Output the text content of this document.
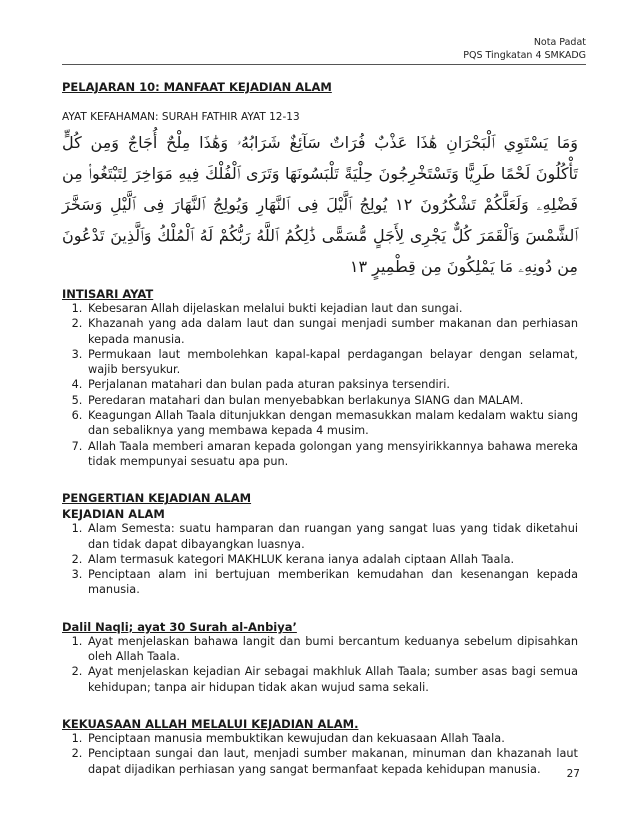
Nota Padat
PQS Tingkatan 4 SMKADG
PELAJARAN 10: MANFAAT KEJADIAN ALAM
AYAT KEFAHAMAN: SURAH FATHIR AYAT 12-13
وَمَا يَسْتَوِي ٱلْبَحْرَانِ هَٰذَا عَذْبٌ فُرَاتٌ سَآئِغٌ شَرَابُهُۥ وَهَٰذَا مِلْحٌ أُجَاجٌ وَمِن كُلٍّ تَأْكُلُونَ لَحْمًا طَرِيًّا وَتَسْتَخْرِجُونَ حِلْيَةً تَلْبَسُونَهَا وَتَرَى ٱلْفُلْكَ فِيهِ مَوَاخِرَ لِتَبْتَغُوا۟ مِن فَضْلِهِۦ وَلَعَلَّكُمْ تَشْكُرُونَ ١٢ يُولِجُ ٱلَّيْلَ فِى ٱلنَّهَارِ وَيُولِجُ ٱلنَّهَارَ فِى ٱلَّيْلِ وَسَخَّرَ ٱلشَّمْسَ وَٱلْقَمَرَ كُلٌّ يَجْرِى لِأَجَلٍ مُّسَمًّى ذَٰلِكُمُ ٱللَّهُ رَبُّكُمْ لَهُ ٱلْمُلْكُ وَٱلَّذِينَ تَدْعُونَ مِن دُونِهِۦ مَا يَمْلِكُونَ مِن قِطْمِيرٍ ١٣
INTISARI AYAT
1. Kebesaran Allah dijelaskan melalui bukti kejadian laut dan sungai.
2. Khazanah yang ada dalam laut dan sungai menjadi sumber makanan dan perhiasan kepada manusia.
3. Permukaan laut membolehkan kapal-kapal perdagangan belayar dengan selamat, wajib bersyukur.
4. Perjalanan matahari dan bulan pada aturan paksinya tersendiri.
5. Peredaran matahari dan bulan menyebabkan berlakunya SIANG dan MALAM.
6. Keagungan Allah Taala ditunjukkan dengan memasukkan malam kedalam waktu siang dan sebaliknya yang membawa kepada 4 musim.
7. Allah Taala memberi amaran kepada golongan yang mensyirikkannya bahawa mereka tidak mempunyai sesuatu apa pun.
PENGERTIAN KEJADIAN ALAM
KEJADIAN ALAM
1. Alam Semesta: suatu hamparan dan ruangan yang sangat luas yang tidak diketahui dan tidak dapat dibayangkan luasnya.
2. Alam termasuk kategori MAKHLUK kerana ianya adalah ciptaan Allah Taala.
3. Penciptaan alam ini bertujuan memberikan kemudahan dan kesenangan kepada manusia.
Dalil Naqli; ayat 30 Surah al-Anbiya’
1. Ayat menjelaskan bahawa langit dan bumi bercantum keduanya sebelum dipisahkan oleh Allah Taala.
2. Ayat menjelaskan kejadian Air sebagai makhluk Allah Taala; sumber asas bagi semua kehidupan; tanpa air hidupan tidak akan wujud sama sekali.
KEKUASAAN ALLAH MELALUI KEJADIAN ALAM.
1. Penciptaan manusia membuktikan kewujudan dan kekuasaan Allah Taala.
2. Penciptaan sungai dan laut, menjadi sumber makanan, minuman dan khazanah laut dapat dijadikan perhiasan yang sangat bermanfaat kepada kehidupan manusia.	27
